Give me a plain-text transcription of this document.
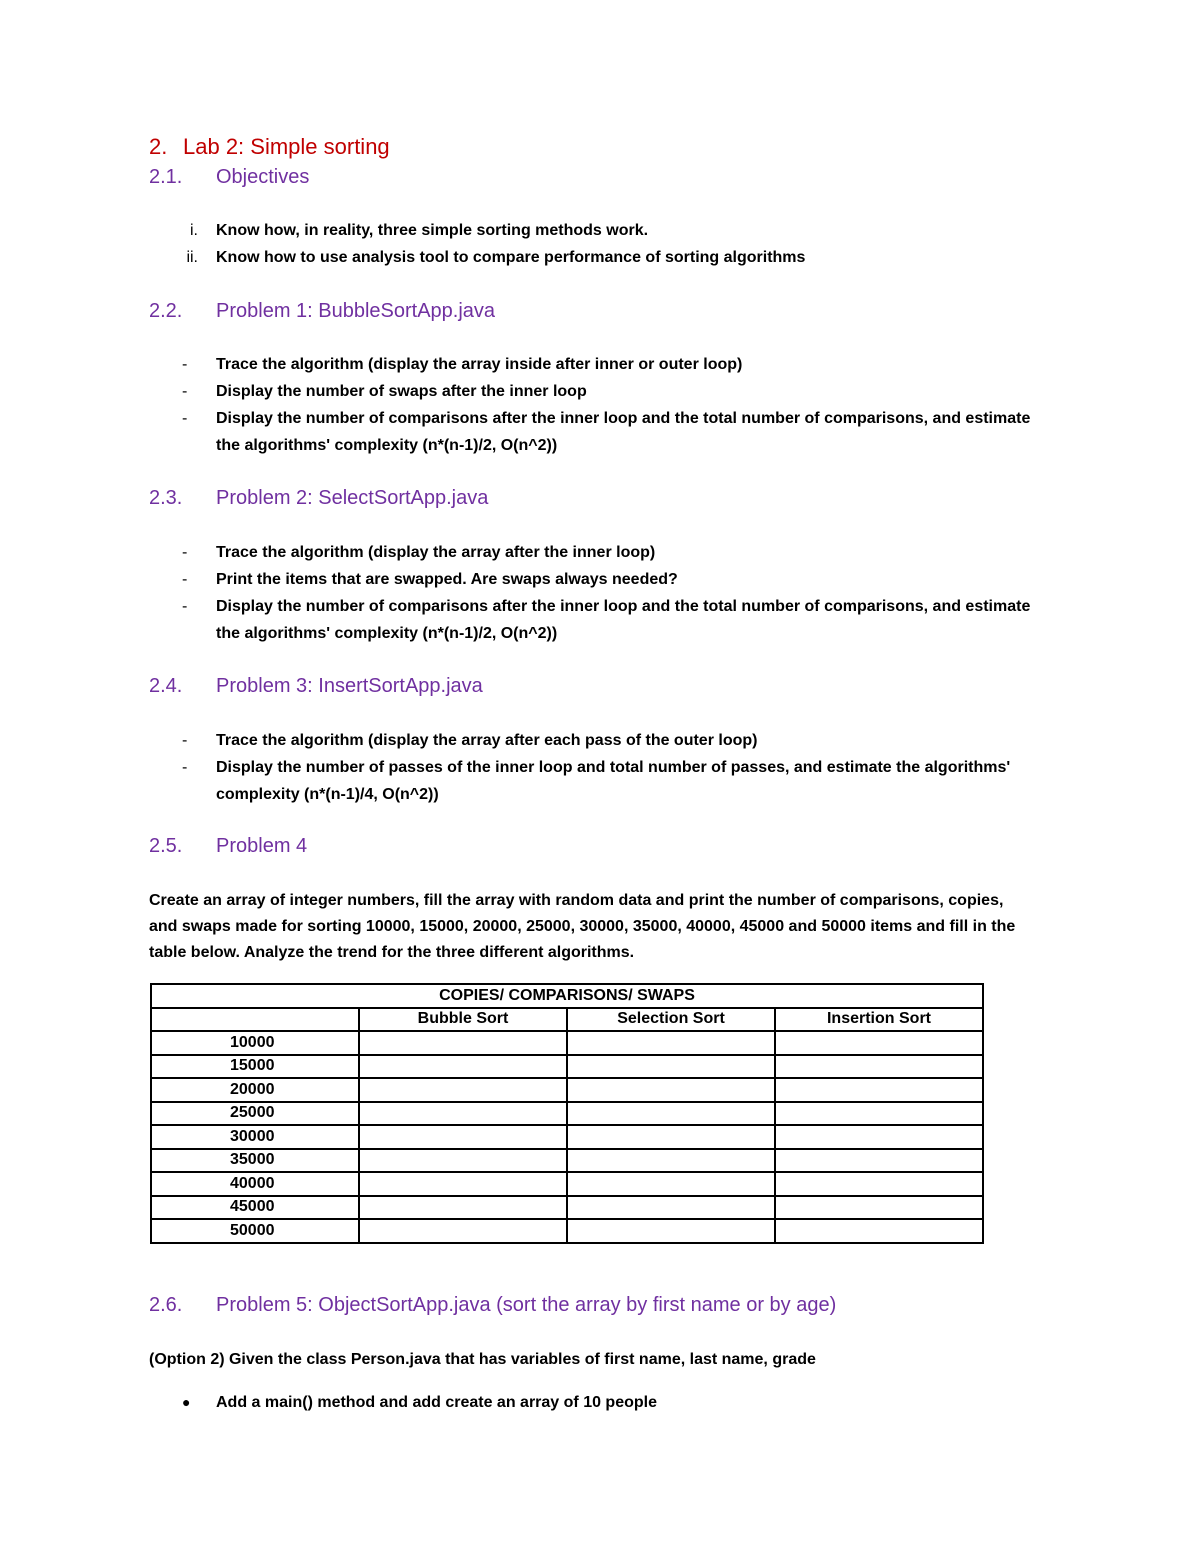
2. Lab 2: Simple sorting
2.1. Objectives
i. Know how, in reality, three simple sorting methods work.
ii. Know how to use analysis tool to compare performance of sorting algorithms
2.2. Problem 1: BubbleSortApp.java
- Trace the algorithm (display the array inside after inner or outer loop)
- Display the number of swaps after the inner loop
- Display the number of comparisons after the inner loop and the total number of comparisons, and estimate the algorithms' complexity (n*(n-1)/2, O(n^2))
2.3. Problem 2: SelectSortApp.java
- Trace the algorithm (display the array after the inner loop)
- Print the items that are swapped. Are swaps always needed?
- Display the number of comparisons after the inner loop and the total number of comparisons, and estimate the algorithms' complexity (n*(n-1)/2, O(n^2))
2.4. Problem 3: InsertSortApp.java
- Trace the algorithm (display the array after each pass of the outer loop)
- Display the number of passes of the inner loop and total number of passes, and estimate the algorithms' complexity (n*(n-1)/4, O(n^2))
2.5. Problem 4
Create an array of integer numbers, fill the array with random data and print the number of comparisons, copies, and swaps made for sorting 10000, 15000, 20000, 25000, 30000, 35000, 40000, 45000 and 50000 items and fill in the table below. Analyze the trend for the three different algorithms.
COPIES/ COMPARISONS/ SWAPS			
	Bubble Sort	Selection Sort	Insertion Sort
10000			
15000			
20000			
25000			
30000			
35000			
40000			
45000			
50000			
2.6. Problem 5: ObjectSortApp.java (sort the array by first name or by age)
(Option 2) Given the class Person.java that has variables of first name, last name, grade
● Add a main() method and add create an array of 10 people
